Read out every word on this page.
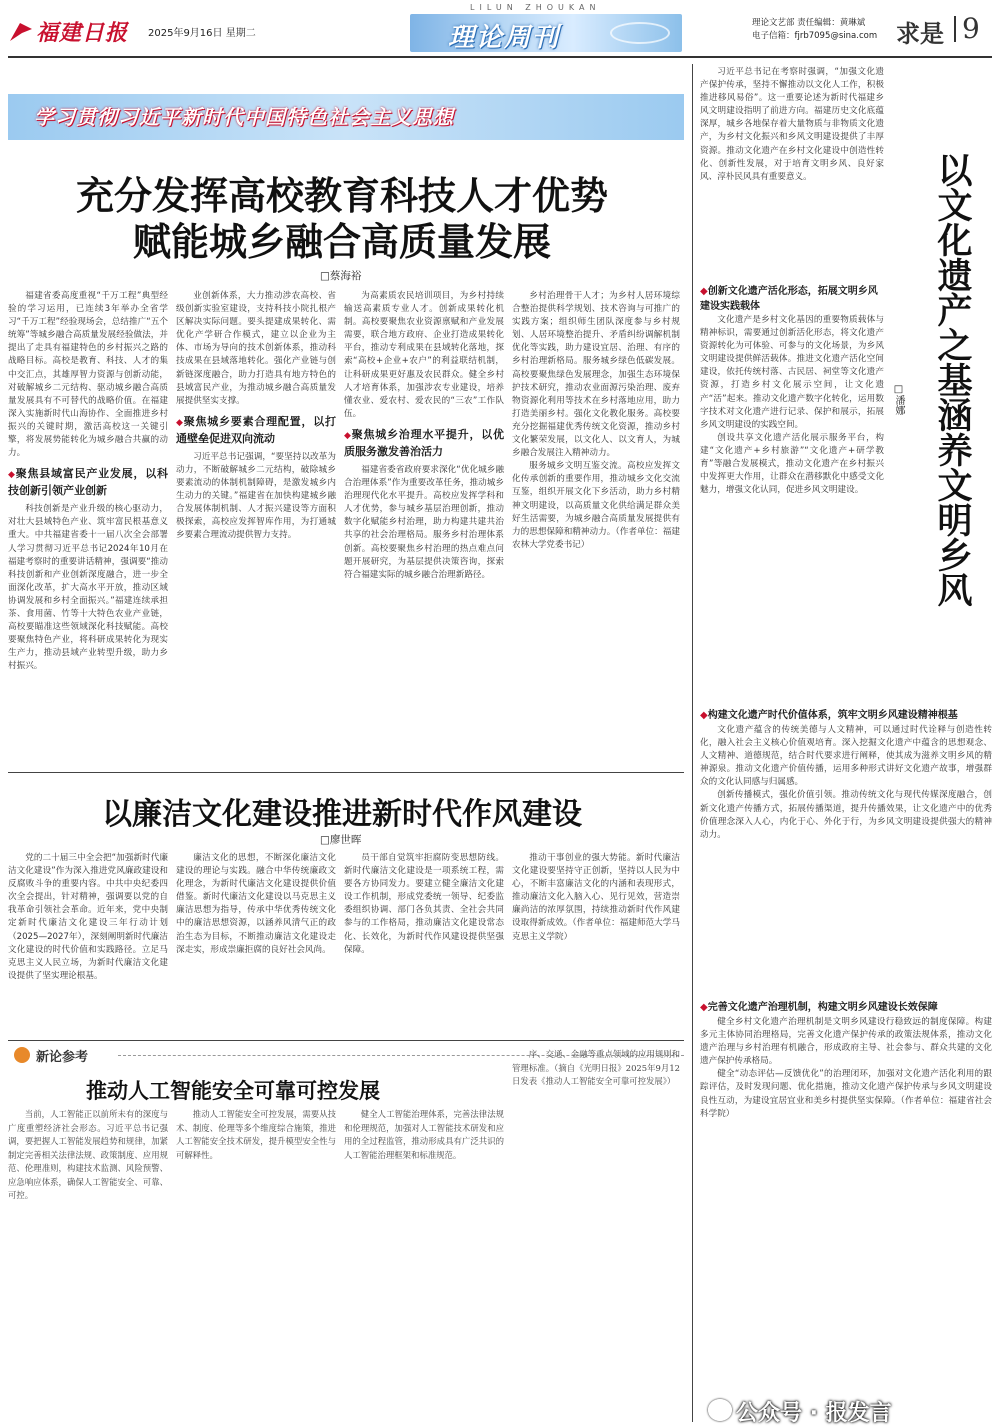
福建日报 2025年9月16日 星期二
LILUN ZHOUKAN
理论周刊	理论文艺部 责任编辑：黄琳斌
电子信箱：fjrb7095@sina.com 求是 9
学习贯彻习近平新时代中国特色社会主义思想
充分发挥高校教育科技人才优势
赋能城乡融合高质量发展
□蔡海裕

福建省委高度重视“千万工程”典型经验的学习运用，已连续3年举办全省学习“千万工程”经验现场会，总结推广“五个统筹”等城乡融合高质量发展经验做法，并提出了走具有福建特色的乡村振兴之路的战略目标。高校是教育、科技、人才的集中交汇点，其雄厚智力资源与创新动能，对破解城乡二元结构、驱动城乡融合高质量发展具有不可替代的战略价值。在福建深入实施新时代山海协作、全面推进乡村振兴的关键时期，激活高校这一关键引擎，将发展势能转化为城乡融合共赢的动力。

◆聚焦县域富民产业发展，以科技创新引领产业创新

科技创新是产业升级的核心驱动力，对壮大县域特色产业、筑牢富民根基意义重大。中共福建省委十一届八次全会部署人学习贯彻习近平总书记2024年10月在福建考察时的重要讲话精神，强调要“推动科技创新和产业创新深度融合，进一步全面深化改革，扩大高水平开放，推动区域协调发展和乡村全面振兴。”福建连续承担茶、食用菌、竹等十大特色农业产业链，高校要瞄准这些领域深化科技赋能。高校要聚焦特色产业，将科研成果转化为现实生产力，推动县域产业转型升级，助力乡村振兴。

业创新体系，大力推动涉农高校、省级创新实验室建设，支持科技小院扎根产区解决实际问题。要头提建成果转化、需优化产学研合作模式，建立以企业为主体、市场为导向的技术创新体系，推动科技成果在县域落地转化。强化产业链与创新链深度融合，助力打造具有地方特色的县域富民产业，为推动城乡融合高质量发展提供坚实支撑。

◆聚焦城乡要素合理配置，以打通壁垒促进双向流动

习近平总书记强调，“要坚持以改革为动力，不断破解城乡二元结构，破除城乡要素流动的体制机制障碍，是激发城乡内生动力的关键。”福建省在加快构建城乡融合发展体制机制、人才振兴建设等方面积极探索，高校应发挥智库作用，为打通城乡要素合理流动提供智力支持。

为高素质农民培训项目，为乡村持续输送高素质专业人才。创新成果转化机制。高校要聚焦农业资源禀赋和产业发展需要，联合地方政府、企业打造成果转化平台，推动专利成果在县域转化落地，探索“高校+企业+农户”的利益联结机制，让科研成果更好惠及农民群众。健全乡村人才培育体系，加强涉农专业建设，培养懂农业、爱农村、爱农民的“三农”工作队伍。

◆聚焦城乡治理水平提升，以优质服务激发善治活力

福建省委省政府要求深化“优化城乡融合治理体系”作为重要改革任务，推动城乡治理现代化水平提升。高校应发挥学科和人才优势，参与城乡基层治理创新，推动数字化赋能乡村治理，助力构建共建共治共享的社会治理格局。服务乡村治理体系创新。高校要聚焦乡村治理的热点难点问题开展研究，为基层提供决策咨询，探索符合福建实际的城乡融合治理新路径。

乡村治理骨干人才；为乡村人居环境综合整治提供科学规划、技术咨询与可推广的实践方案；组织师生团队深度参与乡村规划、人居环境整治提升、矛盾纠纷调解机制优化等实践，助力建设宜居、治理、有序的乡村治理新格局。服务城乡绿色低碳发展。高校要聚焦绿色发展理念，加强生态环境保护技术研究，推动农业面源污染治理、废弃物资源化利用等技术在乡村落地应用，助力打造美丽乡村。强化文化教化服务。高校要充分挖掘福建优秀传统文化资源，推动乡村文化繁荣发展，以文化人、以文育人，为城乡融合发展注入精神动力。

服务城乡文明互鉴交流。高校应发挥文化传承创新的重要作用，推动城乡文化交流互鉴，组织开展文化下乡活动，助力乡村精神文明建设，以高质量文化供给满足群众美好生活需要，为城乡融合高质量发展提供有力的思想保障和精神动力。（作者单位：福建农林大学党委书记）

以廉洁文化建设推进新时代作风建设
□廖世晖

党的二十届三中全会把“加强新时代廉洁文化建设”作为深入推进党风廉政建设和反腐败斗争的重要内容。中共中央纪委四次全会提出，针对精神，强调要以党的自我革命引领社会革命。近年来，党中央制定新时代廉洁文化建设三年行动计划（2025—2027年），深刻阐明新时代廉洁文化建设的时代价值和实践路径。立足马克思主义人民立场，为新时代廉洁文化建设提供了坚实理论根基。

廉洁文化的思想，不断深化廉洁文化建设的理论与实践。融合中华传统廉政文化理念，为新时代廉洁文化建设提供价值借鉴。新时代廉洁文化建设以马克思主义廉洁思想为指导，传承中华优秀传统文化中的廉洁思想资源，以涵养风清气正的政治生态为目标，不断推动廉洁文化建设走深走实，形成崇廉拒腐的良好社会风尚。

员干部自觉筑牢拒腐防变思想防线。新时代廉洁文化建设是一项系统工程，需要各方协同发力。要建立健全廉洁文化建设工作机制，形成党委统一领导、纪委监委组织协调、部门各负其责、全社会共同参与的工作格局，推动廉洁文化建设常态化、长效化，为新时代作风建设提供坚强保障。

推动干事创业的强大势能。新时代廉洁文化建设要坚持守正创新，坚持以人民为中心，不断丰富廉洁文化的内涵和表现形式，推动廉洁文化入脑入心、见行见效，营造崇廉尚洁的浓厚氛围，持续推动新时代作风建设取得新成效。（作者单位：福建师范大学马克思主义学院）

习近平总书记在考察时强调，“加强文化遗产保护传承，坚持不懈推动以文化人工作，积极推进移风易俗”。这一重要论述为新时代福建乡风文明建设指明了前进方向。福建历史文化底蕴深厚，城乡各地保存着大量物质与非物质文化遗产，为乡村文化振兴和乡风文明建设提供了丰厚资源。推动文化遗产在乡村文化建设中创造性转化、创新性发展，对于培育文明乡风、良好家风、淳朴民风具有重要意义。	以文化遗产之基涵养文明乡风
□潘娜
◆创新文化遗产活化形态，拓展文明乡风建设实践载体

文化遗产是乡村文化基因的重要物质载体与精神标识，需要通过创新活化形态，将文化遗产资源转化为可体验、可参与的文化场景，为乡风文明建设提供鲜活载体。推进文化遗产活化空间建设，依托传统村落、古民居、祠堂等文化遗产资源，打造乡村文化展示空间，让文化遗产“活”起来。推动文化遗产数字化转化，运用数字技术对文化遗产进行记录、保护和展示，拓展乡风文明建设的实践空间。

创设共享文化遗产活化展示服务平台，构建“文化遗产+乡村旅游”“文化遗产+研学教育”等融合发展模式，推动文化遗产在乡村振兴中发挥更大作用，让群众在潜移默化中感受文化魅力，增强文化认同，促进乡风文明建设。

◆构建文化遗产时代价值体系，筑牢文明乡风建设精神根基

文化遗产蕴含的传统美德与人文精神，可以通过时代诠释与创造性转化，融入社会主义核心价值观培育。深入挖掘文化遗产中蕴含的思想观念、人文精神、道德规范，结合时代要求进行阐释，使其成为滋养文明乡风的精神源泉。推动文化遗产价值传播，运用多种形式讲好文化遗产故事，增强群众的文化认同感与归属感。

创新传播模式，强化价值引领。推动传统文化与现代传媒深度融合，创新文化遗产传播方式，拓展传播渠道，提升传播效果，让文化遗产中的优秀价值理念深入人心，内化于心、外化于行，为乡风文明建设提供强大的精神动力。

◆完善文化遗产治理机制，构建文明乡风建设长效保障

健全乡村文化遗产治理机制是文明乡风建设行稳致远的制度保障。构建多元主体协同治理格局，完善文化遗产保护传承的政策法规体系，推动文化遗产治理与乡村治理有机融合，形成政府主导、社会参与、群众共建的文化遗产保护传承格局。

健全“动态评估—反馈优化”的治理闭环，加强对文化遗产活化利用的跟踪评估，及时发现问题、优化措施，推动文化遗产保护传承与乡风文明建设良性互动，为建设宜居宜业和美乡村提供坚实保障。（作者单位：福建省社会科学院）

新论参考
推动人工智能安全可靠可控发展

当前，人工智能正以前所未有的深度与广度重塑经济社会形态。习近平总书记强调，要把握人工智能发展趋势和规律，加紧制定完善相关法律法规、政策制度、应用规范、伦理准则，构建技术监测、风险预警、应急响应体系，确保人工智能安全、可靠、可控。

推动人工智能安全可控发展，需要从技术、制度、伦理等多个维度综合施策，推进人工智能安全技术研发，提升模型安全性与可解释性。

健全人工智能治理体系，完善法律法规和伦理规范，加强对人工智能技术研发和应用的全过程监管，推动形成具有广泛共识的人工智能治理框架和标准规范。

序、交通、金融等重点领域的应用规则和管理标准。（摘自《光明日报》2025年9月12日发表《推动人工智能安全可靠可控发展》）

公众号 · 报发言
